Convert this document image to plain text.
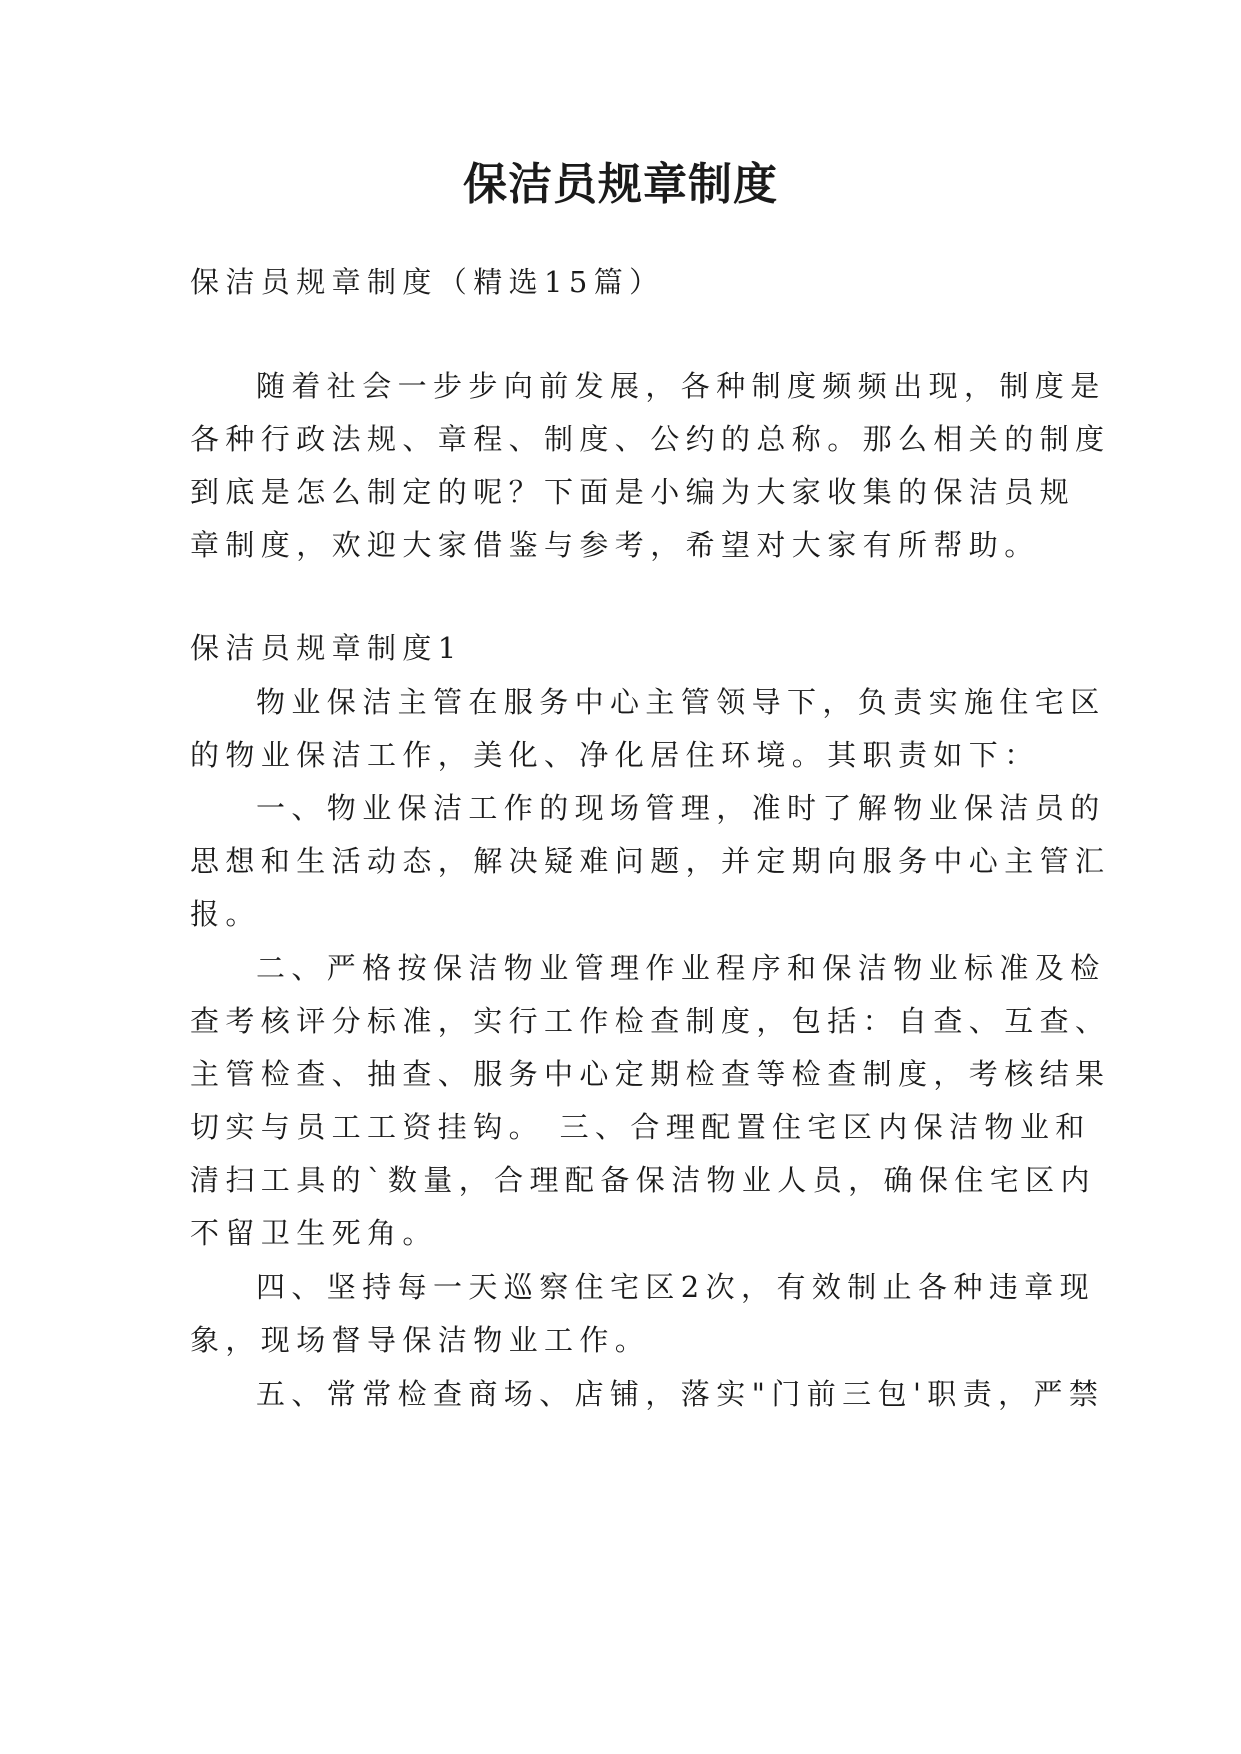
保洁员规章制度
保洁员规章制度（精选15篇）
随着社会一步步向前发展，各种制度频频出现，制度是
各种行政法规、章程、制度、公约的总称。那么相关的制度
到底是怎么制定的呢？下面是小编为大家收集的保洁员规
章制度，欢迎大家借鉴与参考，希望对大家有所帮助。
保洁员规章制度1
物业保洁主管在服务中心主管领导下，负责实施住宅区
的物业保洁工作，美化、净化居住环境。其职责如下：
一、物业保洁工作的现场管理，准时了解物业保洁员的
思想和生活动态，解决疑难问题，并定期向服务中心主管汇
报。
二、严格按保洁物业管理作业程序和保洁物业标准及检
查考核评分标准，实行工作检查制度，包括：自查、互查、
主管检查、抽查、服务中心定期检查等检查制度，考核结果
切实与员工工资挂钩。 三、合理配置住宅区内保洁物业和
清扫工具的`数量，合理配备保洁物业人员，确保住宅区内
不留卫生死角。
四、坚持每一天巡察住宅区2次，有效制止各种违章现
象，现场督导保洁物业工作。
五、常常检查商场、店铺，落实"门前三包'职责，严禁
